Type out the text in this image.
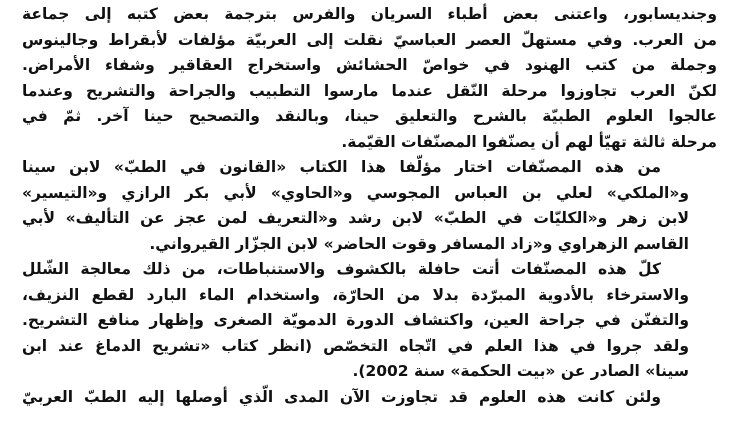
وجنديسابور، واعتنى بعض أطباء السريان والفرس بترجمة بعض كتبه إلى جماعة
من العرب. وفي مستهلّ العصر العباسيّ نقلت إلى العربيّة مؤلفات لأبقراط وجالينوس
وجملة من كتب الهنود في خواصّ الحشائش واستخراج العقاقير وشفاء الأمراض.
لكنّ العرب تجاوزوا مرحلة النّقل عندما مارسوا التطبيب والجراحة والتشريح وعندما
عالجوا العلوم الطبيّة بالشرح والتعليق حينا، وبالنقد والتصحيح حينا آخر. ثمّ في
مرحلة ثالثة تهيّأ لهم أن يصنّفوا المصنّفات القيّمة.
من هذه المصنّفات اختار مؤلّفا هذا الكتاب «القانون في الطبّ» لابن سينا
و«الملكي» لعلي بن العباس المجوسي و«الحاوي» لأبي بكر الرازي و«التيسير»
لابن زهر و«الكليّات في الطبّ» لابن رشد و«التعريف لمن عجز عن التأليف» لأبي
القاسم الزهراوي و«زاد المسافر وقوت الحاضر» لابن الجزّار القيرواني.
كلّ هذه المصنّفات أتت حافلة بالكشوف والاستنباطات، من ذلك معالجة الشّلل
والاسترخاء بالأدوية المبرّدة بدلا من الحارّة، واستخدام الماء البارد لقطع النزيف،
والتفنّن في جراحة العين، واكتشاف الدورة الدمويّة الصغرى وإظهار منافع التشريح.
ولقد جروا في هذا العلم في اتّجاه التخصّص (انظر كتاب «تشريح الدماغ عند ابن
سينا» الصادر عن «بيت الحكمة» سنة 2002).
ولئن كانت هذه العلوم قد تجاوزت الآن المدى الّذي أوصلها إليه الطبّ العربيّ
